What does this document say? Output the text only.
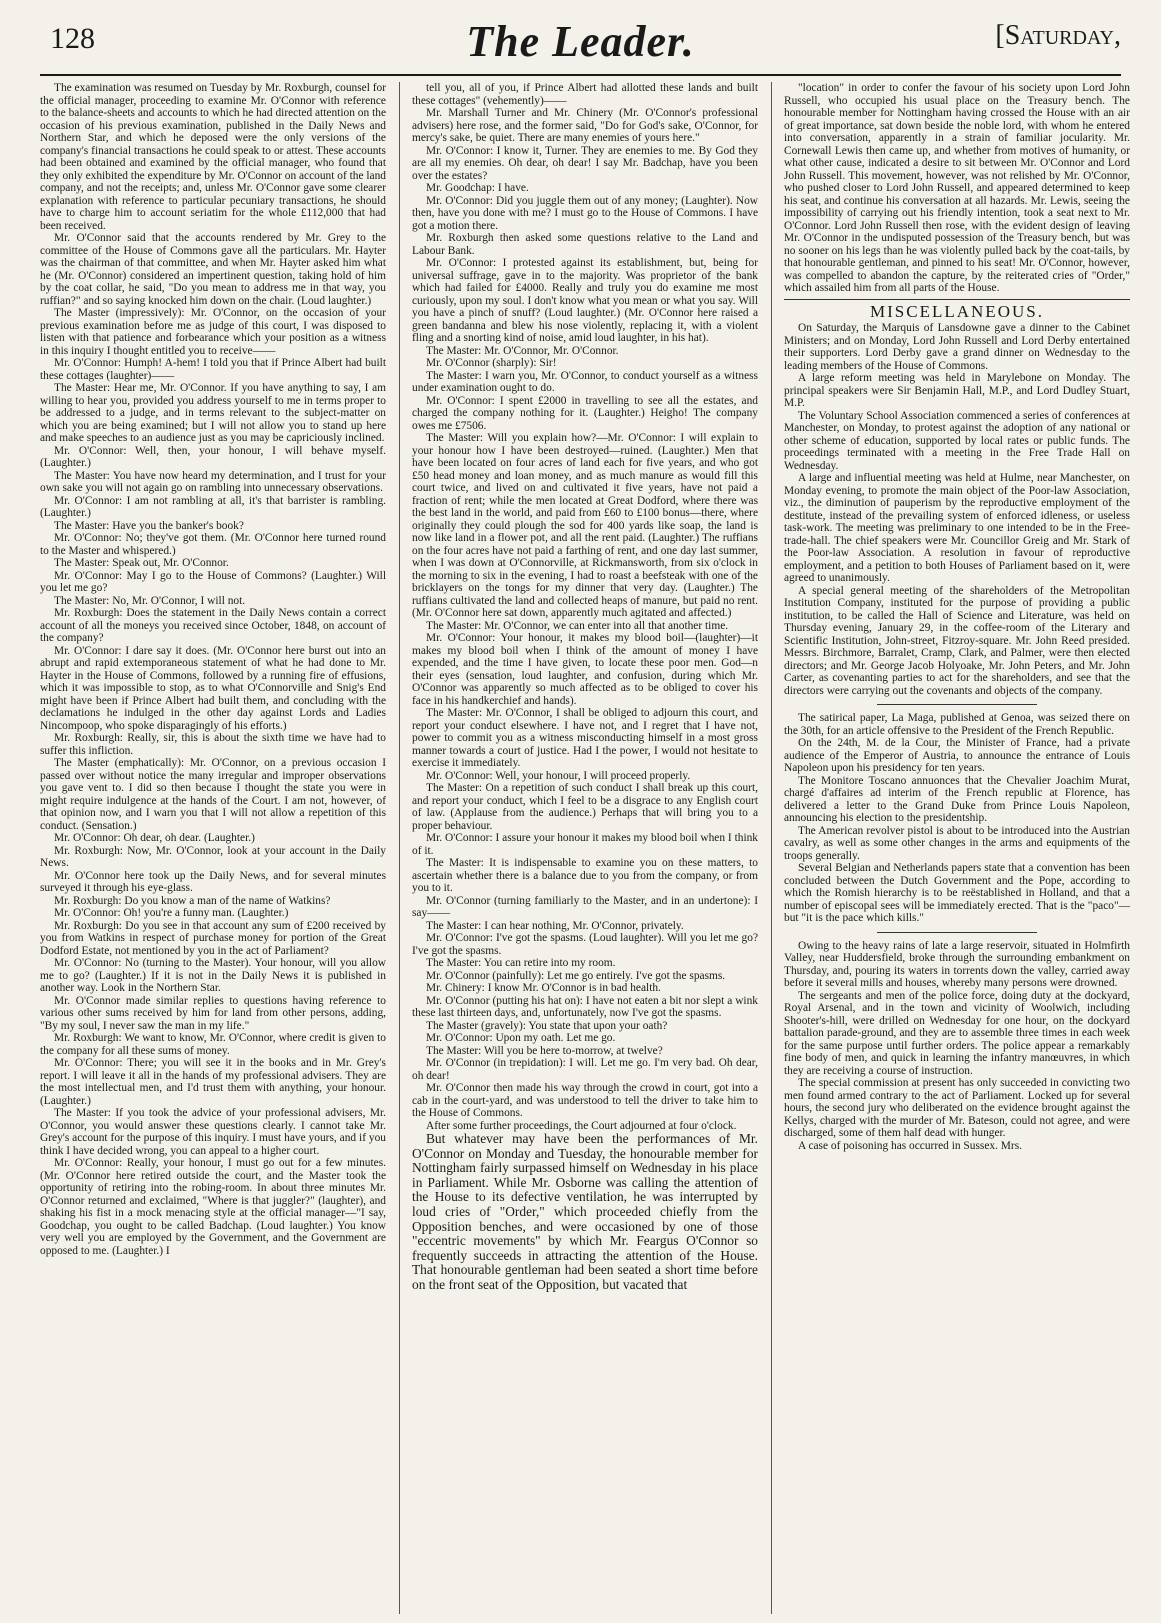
128	The Leader.	[Saturday,

The examination was resumed on Tuesday by Mr. Roxburgh, counsel for the official manager, proceeding to examine Mr. O'Connor with reference to the balance-sheets and accounts to which he had directed attention on the occasion of his previous examination, published in the Daily News and Northern Star, and which he deposed were the only versions of the company's financial transactions he could speak to or attest. These accounts had been obtained and examined by the official manager, who found that they only exhibited the expenditure by Mr. O'Connor on account of the land company, and not the receipts; and, unless Mr. O'Connor gave some clearer explanation with reference to particular pecuniary transactions, he should have to charge him to account seriatim for the whole £112,000 that had been received.

Mr. O'Connor said that the accounts rendered by Mr. Grey to the committee of the House of Commons gave all the particulars. Mr. Hayter was the chairman of that committee, and when Mr. Hayter asked him what he (Mr. O'Connor) considered an impertinent question, taking hold of him by the coat collar, he said, "Do you mean to address me in that way, you ruffian?" and so saying knocked him down on the chair. (Loud laughter.)

The Master (impressively): Mr. O'Connor, on the occasion of your previous examination before me as judge of this court, I was disposed to listen with that patience and forbearance which your position as a witness in this inquiry I thought entitled you to receive——

Mr. O'Connor: Humph! A-hem! I told you that if Prince Albert had built these cottages (laughter)——

The Master: Hear me, Mr. O'Connor. If you have anything to say, I am willing to hear you, provided you address yourself to me in terms proper to be addressed to a judge, and in terms relevant to the subject-matter on which you are being examined; but I will not allow you to stand up here and make speeches to an audience just as you may be capriciously inclined.

Mr. O'Connor: Well, then, your honour, I will behave myself. (Laughter.)

The Master: You have now heard my determination, and I trust for your own sake you will not again go on rambling into unnecessary observations.

Mr. O'Connor: I am not rambling at all, it's that barrister is rambling. (Laughter.)

The Master: Have you the banker's book?

Mr. O'Connor: No; they've got them. (Mr. O'Connor here turned round to the Master and whispered.)

The Master: Speak out, Mr. O'Connor.

Mr. O'Connor: May I go to the House of Commons? (Laughter.) Will you let me go?

The Master: No, Mr. O'Connor, I will not.

Mr. Roxburgh: Does the statement in the Daily News contain a correct account of all the moneys you received since October, 1848, on account of the company?

Mr. O'Connor: I dare say it does. (Mr. O'Connor here burst out into an abrupt and rapid extemporaneous statement of what he had done to Mr. Hayter in the House of Commons, followed by a running fire of effusions, which it was impossible to stop, as to what O'Connorville and Snig's End might have been if Prince Albert had built them, and concluding with the declamations he indulged in the other day against Lords and Ladies Nincompoop, who spoke disparagingly of his efforts.)

Mr. Roxburgh: Really, sir, this is about the sixth time we have had to suffer this infliction.

The Master (emphatically): Mr. O'Connor, on a previous occasion I passed over without notice the many irregular and improper observations you gave vent to. I did so then because I thought the state you were in might require indulgence at the hands of the Court. I am not, however, of that opinion now, and I warn you that I will not allow a repetition of this conduct. (Sensation.)

Mr. O'Connor: Oh dear, oh dear. (Laughter.)

Mr. Roxburgh: Now, Mr. O'Connor, look at your account in the Daily News.

Mr. O'Connor here took up the Daily News, and for several minutes surveyed it through his eye-glass.

Mr. Roxburgh: Do you know a man of the name of Watkins?

Mr. O'Connor: Oh! you're a funny man. (Laughter.)

Mr. Roxburgh: Do you see in that account any sum of £200 received by you from Watkins in respect of purchase money for portion of the Great Dodford Estate, not mentioned by you in the act of Parliament?

Mr. O'Connor: No (turning to the Master). Your honour, will you allow me to go? (Laughter.) If it is not in the Daily News it is published in another way. Look in the Northern Star.

Mr. O'Connor made similar replies to questions having reference to various other sums received by him for land from other persons, adding, "By my soul, I never saw the man in my life."

Mr. Roxburgh: We want to know, Mr. O'Connor, where credit is given to the company for all these sums of money.

Mr. O'Connor: There; you will see it in the books and in Mr. Grey's report. I will leave it all in the hands of my professional advisers. They are the most intellectual men, and I'd trust them with anything, your honour. (Laughter.)

The Master: If you took the advice of your professional advisers, Mr. O'Connor, you would answer these questions clearly. I cannot take Mr. Grey's account for the purpose of this inquiry. I must have yours, and if you think I have decided wrong, you can appeal to a higher court.

Mr. O'Connor: Really, your honour, I must go out for a few minutes. (Mr. O'Connor here retired outside the court, and the Master took the opportunity of retiring into the robing-room. In about three minutes Mr. O'Connor returned and exclaimed, "Where is that juggler?" (laughter), and shaking his fist in a mock menacing style at the official manager—"I say, Goodchap, you ought to be called Badchap. (Loud laughter.) You know very well you are employed by the Government, and the Government are opposed to me. (Laughter.) I

tell you, all of you, if Prince Albert had allotted these lands and built these cottages" (vehemently)——

Mr. Marshall Turner and Mr. Chinery (Mr. O'Connor's professional advisers) here rose, and the former said, "Do for God's sake, O'Connor, for mercy's sake, be quiet. There are many enemies of yours here."

Mr. O'Connor: I know it, Turner. They are enemies to me. By God they are all my enemies. Oh dear, oh dear! I say Mr. Badchap, have you been over the estates?

Mr. Goodchap: I have.

Mr. O'Connor: Did you juggle them out of any money; (Laughter). Now then, have you done with me? I must go to the House of Commons. I have got a motion there.

Mr. Roxburgh then asked some questions relative to the Land and Labour Bank.

Mr. O'Connor: I protested against its establishment, but, being for universal suffrage, gave in to the majority. Was proprietor of the bank which had failed for £4000. Really and truly you do examine me most curiously, upon my soul. I don't know what you mean or what you say. Will you have a pinch of snuff? (Loud laughter.) (Mr. O'Connor here raised a green bandanna and blew his nose violently, replacing it, with a violent fling and a snorting kind of noise, amid loud laughter, in his hat).

The Master: Mr. O'Connor, Mr. O'Connor.

Mr. O'Connor (sharply): Sir!

The Master: I warn you, Mr. O'Connor, to conduct yourself as a witness under examination ought to do.

Mr. O'Connor: I spent £2000 in travelling to see all the estates, and charged the company nothing for it. (Laughter.) Heigho! The company owes me £7506.

The Master: Will you explain how?—Mr. O'Connor: I will explain to your honour how I have been destroyed—ruined. (Laughter.) Men that have been located on four acres of land each for five years, and who got £50 head money and loan money, and as much manure as would fill this court twice, and lived on and cultivated it five years, have not paid a fraction of rent; while the men located at Great Dodford, where there was the best land in the world, and paid from £60 to £100 bonus—there, where originally they could plough the sod for 400 yards like soap, the land is now like land in a flower pot, and all the rent paid. (Laughter.) The ruffians on the four acres have not paid a farthing of rent, and one day last summer, when I was down at O'Connorville, at Rickmansworth, from six o'clock in the morning to six in the evening, I had to roast a beefsteak with one of the bricklayers on the tongs for my dinner that very day. (Laughter.) The ruffians cultivated the land and collected heaps of manure, but paid no rent. (Mr. O'Connor here sat down, apparently much agitated and affected.)

The Master: Mr. O'Connor, we can enter into all that another time.

Mr. O'Connor: Your honour, it makes my blood boil—(laughter)—it makes my blood boil when I think of the amount of money I have expended, and the time I have given, to locate these poor men. God—n their eyes (sensation, loud laughter, and confusion, during which Mr. O'Connor was apparently so much affected as to be obliged to cover his face in his handkerchief and hands).

The Master: Mr. O'Connor, I shall be obliged to adjourn this court, and report your conduct elsewhere. I have not, and I regret that I have not, power to commit you as a witness misconducting himself in a most gross manner towards a court of justice. Had I the power, I would not hesitate to exercise it immediately.

Mr. O'Connor: Well, your honour, I will proceed properly.

The Master: On a repetition of such conduct I shall break up this court, and report your conduct, which I feel to be a disgrace to any English court of law. (Applause from the audience.) Perhaps that will bring you to a proper behaviour.

Mr. O'Connor: I assure your honour it makes my blood boil when I think of it.

The Master: It is indispensable to examine you on these matters, to ascertain whether there is a balance due to you from the company, or from you to it.

Mr. O'Connor (turning familiarly to the Master, and in an undertone): I say——

The Master: I can hear nothing, Mr. O'Connor, privately.

Mr. O'Connor: I've got the spasms. (Loud laughter). Will you let me go? I've got the spasms.

The Master: You can retire into my room.

Mr. O'Connor (painfully): Let me go entirely. I've got the spasms.

Mr. Chinery: I know Mr. O'Connor is in bad health.

Mr. O'Connor (putting his hat on): I have not eaten a bit nor slept a wink these last thirteen days, and, unfortunately, now I've got the spasms.

The Master (gravely): You state that upon your oath?

Mr. O'Connor: Upon my oath. Let me go.

The Master: Will you be here to-morrow, at twelve?

Mr. O'Connor (in trepidation): I will. Let me go. I'm very bad. Oh dear, oh dear!

Mr. O'Connor then made his way through the crowd in court, got into a cab in the court-yard, and was understood to tell the driver to take him to the House of Commons.

After some further proceedings, the Court adjourned at four o'clock.

But whatever may have been the performances of Mr. O'Connor on Monday and Tuesday, the honourable member for Nottingham fairly surpassed himself on Wednesday in his place in Parliament. While Mr. Osborne was calling the attention of the House to its defective ventilation, he was interrupted by loud cries of "Order," which proceeded chiefly from the Opposition benches, and were occasioned by one of those "eccentric movements" by which Mr. Feargus O'Connor so frequently succeeds in attracting the attention of the House. That honourable gentleman had been seated a short time before on the front seat of the Opposition, but vacated that

"location" in order to confer the favour of his society upon Lord John Russell, who occupied his usual place on the Treasury bench. The honourable member for Nottingham having crossed the House with an air of great importance, sat down beside the noble lord, with whom he entered into conversation, apparently in a strain of familiar jocularity. Mr. Cornewall Lewis then came up, and whether from motives of humanity, or what other cause, indicated a desire to sit between Mr. O'Connor and Lord John Russell. This movement, however, was not relished by Mr. O'Connor, who pushed closer to Lord John Russell, and appeared determined to keep his seat, and continue his conversation at all hazards. Mr. Lewis, seeing the impossibility of carrying out his friendly intention, took a seat next to Mr. O'Connor. Lord John Russell then rose, with the evident design of leaving Mr. O'Connor in the undisputed possession of the Treasury bench, but was no sooner on his legs than he was violently pulled back by the coat-tails, by that honourable gentleman, and pinned to his seat! Mr. O'Connor, however, was compelled to abandon the capture, by the reiterated cries of "Order," which assailed him from all parts of the House.

MISCELLANEOUS.

On Saturday, the Marquis of Lansdowne gave a dinner to the Cabinet Ministers; and on Monday, Lord John Russell and Lord Derby entertained their supporters. Lord Derby gave a grand dinner on Wednesday to the leading members of the House of Commons.

A large reform meeting was held in Marylebone on Monday. The principal speakers were Sir Benjamin Hall, M.P., and Lord Dudley Stuart, M.P.

The Voluntary School Association commenced a series of conferences at Manchester, on Monday, to protest against the adoption of any national or other scheme of education, supported by local rates or public funds. The proceedings terminated with a meeting in the Free Trade Hall on Wednesday.

A large and influential meeting was held at Hulme, near Manchester, on Monday evening, to promote the main object of the Poor-law Association, viz., the diminution of pauperism by the reproductive employment of the destitute, instead of the prevailing system of enforced idleness, or useless task-work. The meeting was preliminary to one intended to be in the Free-trade-hall. The chief speakers were Mr. Councillor Greig and Mr. Stark of the Poor-law Association. A resolution in favour of reproductive employment, and a petition to both Houses of Parliament based on it, were agreed to unanimously.

A special general meeting of the shareholders of the Metropolitan Institution Company, instituted for the purpose of providing a public institution, to be called the Hall of Science and Literature, was held on Thursday evening, January 29, in the coffee-room of the Literary and Scientific Institution, John-street, Fitzroy-square. Mr. John Reed presided. Messrs. Birchmore, Barralet, Cramp, Clark, and Palmer, were then elected directors; and Mr. George Jacob Holyoake, Mr. John Peters, and Mr. John Carter, as covenanting parties to act for the shareholders, and see that the directors were carrying out the covenants and objects of the company.

The satirical paper, La Maga, published at Genoa, was seized there on the 30th, for an article offensive to the President of the French Republic.

On the 24th, M. de la Cour, the Minister of France, had a private audience of the Emperor of Austria, to announce the entrance of Louis Napoleon upon his presidency for ten years.

The Monitore Toscano annuonces that the Chevalier Joachim Murat, chargé d'affaires ad interim of the French republic at Florence, has delivered a letter to the Grand Duke from Prince Louis Napoleon, announcing his election to the presidentship.

The American revolver pistol is about to be introduced into the Austrian cavalry, as well as some other changes in the arms and equipments of the troops generally.

Several Belgian and Netherlands papers state that a convention has been concluded between the Dutch Government and the Pope, according to which the Romish hierarchy is to be reëstablished in Holland, and that a number of episcopal sees will be immediately erected. That is the "paco"—but "it is the pace which kills."

Owing to the heavy rains of late a large reservoir, situated in Holmfirth Valley, near Huddersfield, broke through the surrounding embankment on Thursday, and, pouring its waters in torrents down the valley, carried away before it several mills and houses, whereby many persons were drowned.

The sergeants and men of the police force, doing duty at the dockyard, Royal Arsenal, and in the town and vicinity of Woolwich, including Shooter's-hill, were drilled on Wednesday for one hour, on the dockyard battalion parade-ground, and they are to assemble three times in each week for the same purpose until further orders. The police appear a remarkably fine body of men, and quick in learning the infantry manœuvres, in which they are receiving a course of instruction.

The special commission at present has only succeeded in convicting two men found armed contrary to the act of Parliament. Locked up for several hours, the second jury who deliberated on the evidence brought against the Kellys, charged with the murder of Mr. Bateson, could not agree, and were discharged, some of them half dead with hunger.

A case of poisoning has occurred in Sussex. Mrs.
